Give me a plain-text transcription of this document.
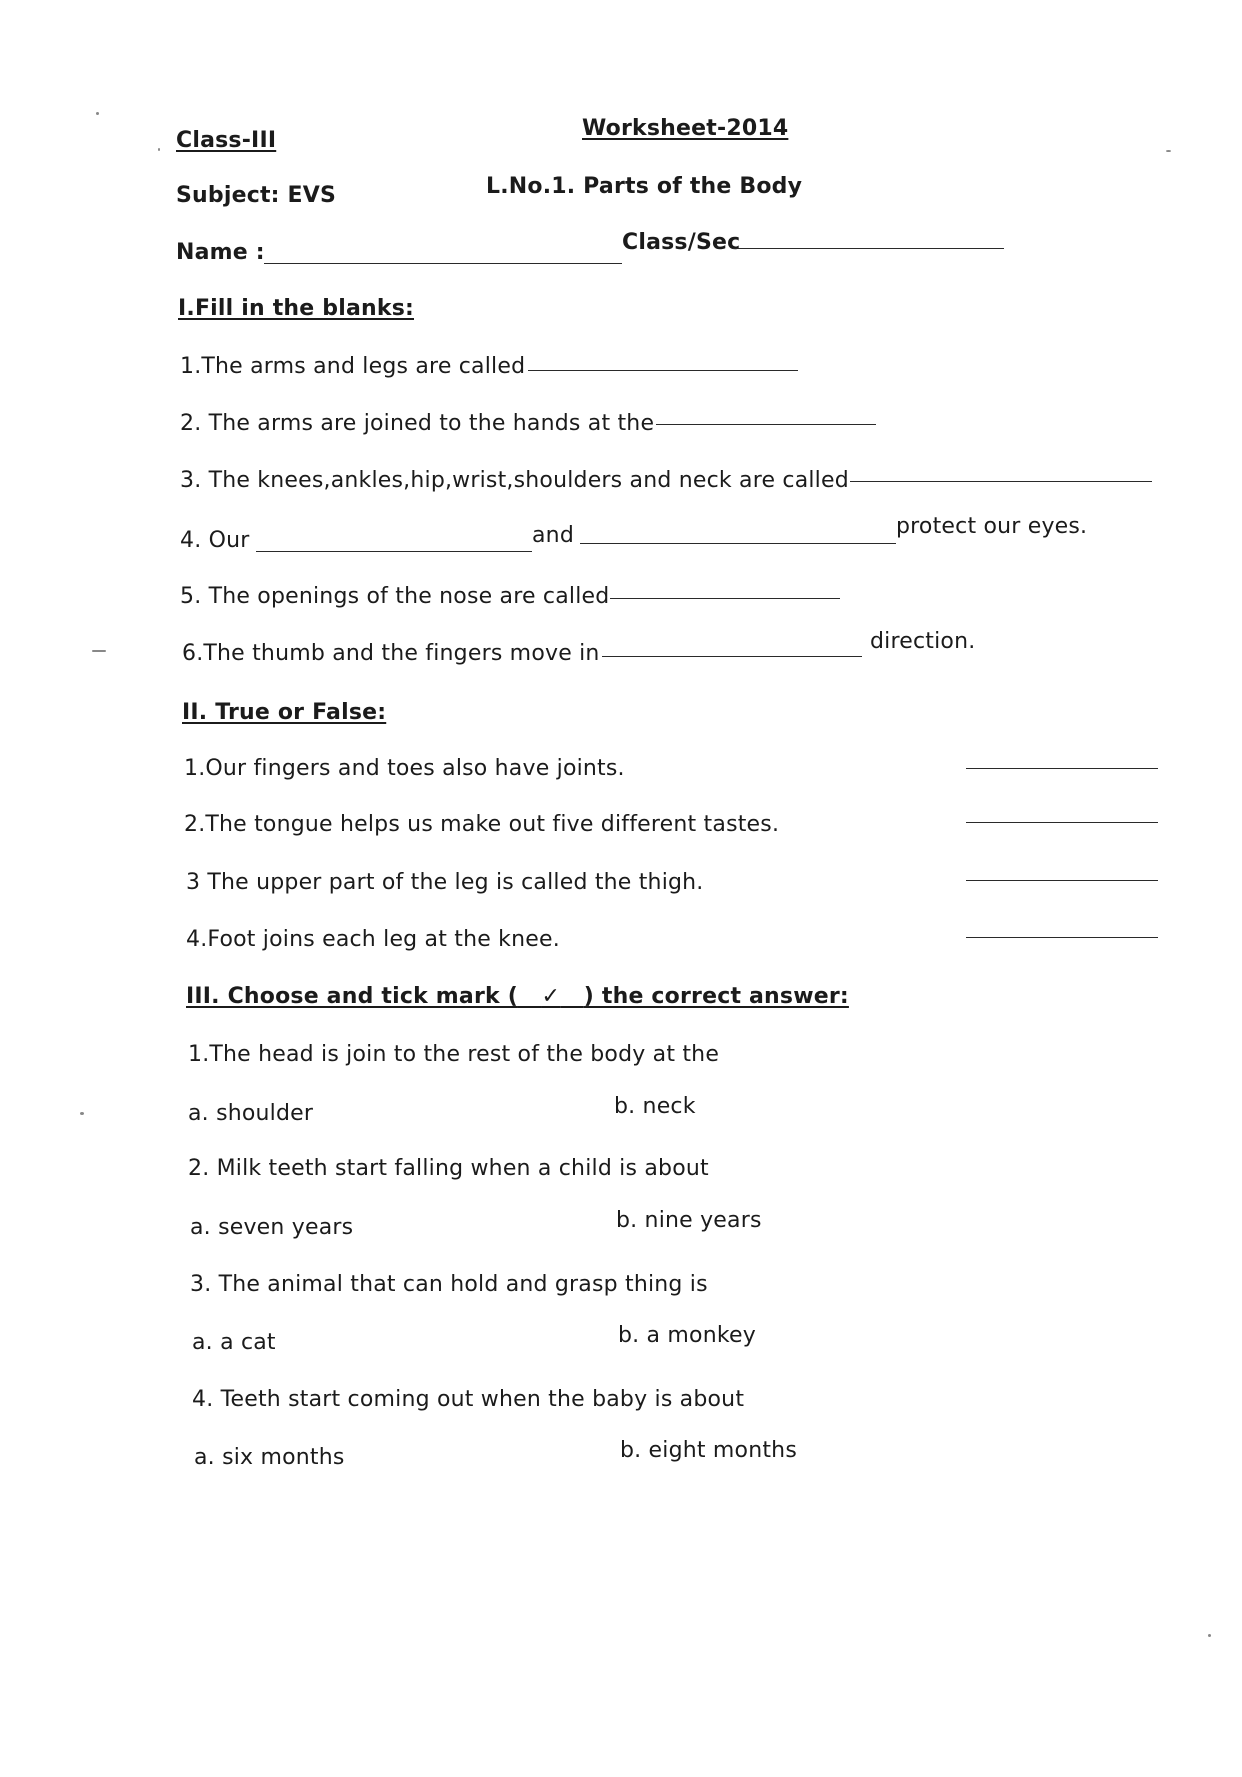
Class-III	Worksheet-2014
Subject: EVS	L.No.1. Parts of the Body
Name :	Class/Sec
I.Fill in the blanks:
1.The arms and legs are called
2. The arms are joined to the hands at the
3. The knees,ankles,hip,wrist,shoulders and neck are called
4. Our	and	protect our eyes.
5. The openings of the nose are called
6.The thumb and the fingers move in	direction.
II. True or False:
1.Our fingers and toes also have joints.
2.The tongue helps us make out five different tastes.
3 The upper part of the leg is called the thigh.
4.Foot joins each leg at the knee.
III. Choose and tick mark ( ✓ ) the correct answer:
1.The head is join to the rest of the body at the
a. shoulder	b. neck
2. Milk teeth start falling when a child is about
a. seven years	b. nine years
3. The animal that can hold and grasp thing is
a. a cat	b. a monkey
4. Teeth start coming out when the baby is about
a. six months	b. eight months
